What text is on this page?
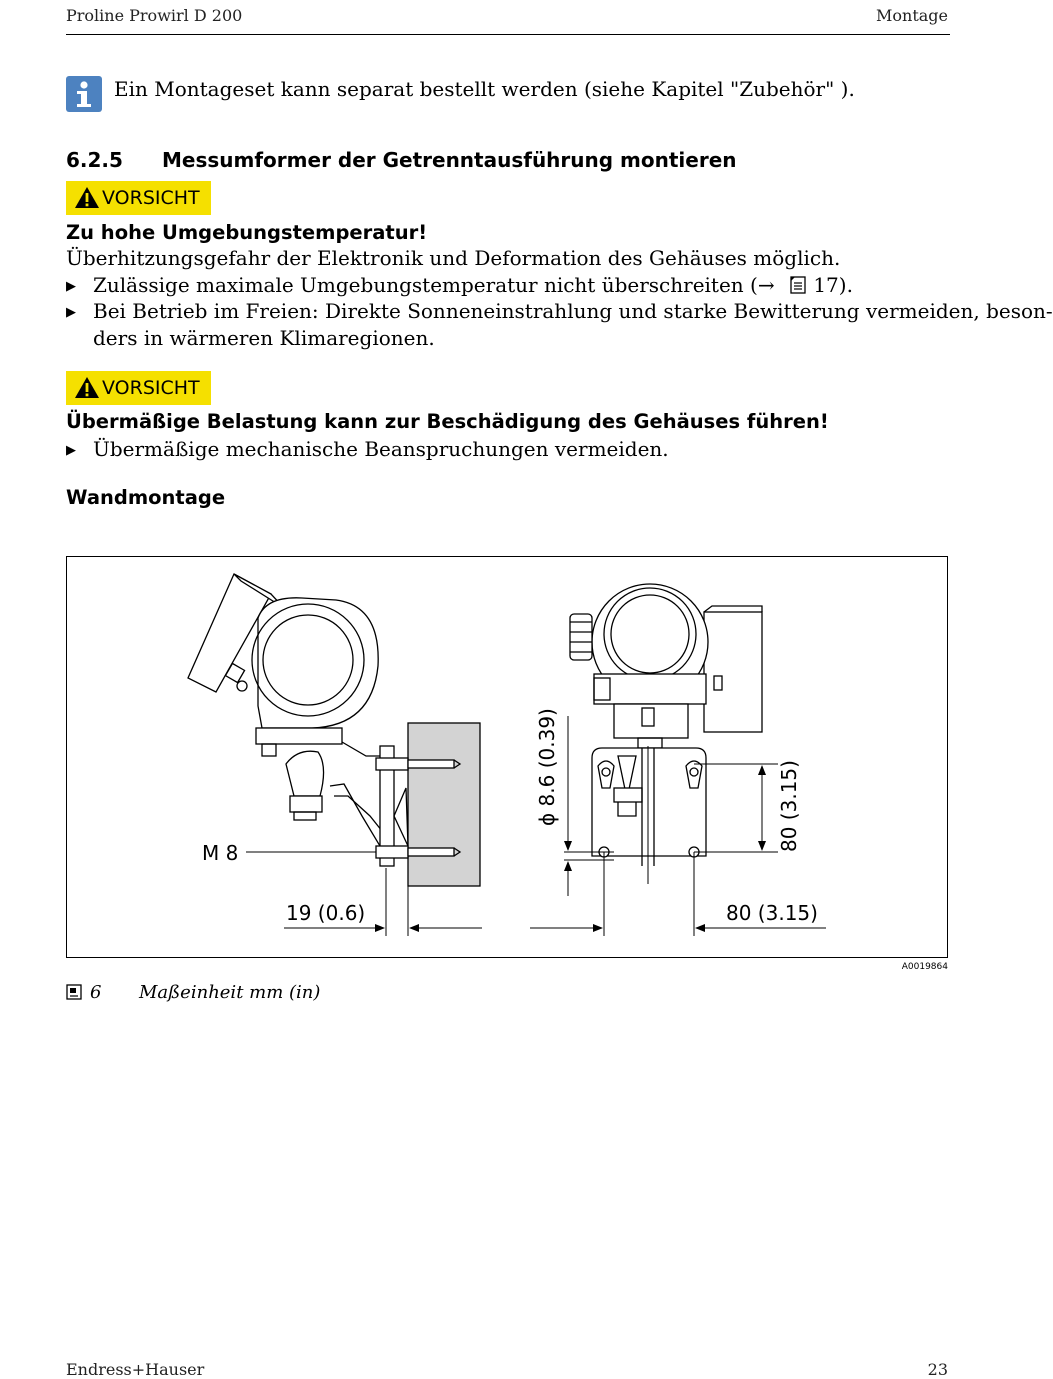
Proline Prowirl D 200	Montage
Ein Montageset kann separat bestellt werden (siehe Kapitel "Zubehör" ).
6.2.5 Messumformer der Getrenntausführung montieren
VORSICHT
Zu hohe Umgebungstemperatur!
Überhitzungsgefahr der Elektronik und Deformation des Gehäuses möglich.
▶ Zulässige maximale Umgebungstemperatur nicht überschreiten (→ 17).
▶ Bei Betrieb im Freien: Direkte Sonneneinstrahlung und starke Bewitterung vermeiden, beson-
ders in wärmeren Klimaregionen.
VORSICHT
Übermäßige Belastung kann zur Beschädigung des Gehäuses führen!
▶ Übermäßige mechanische Beanspruchungen vermeiden.
Wandmontage
M 8
19 (0.6)
ϕ 8.6 (0.39)	80 (3.15)
80 (3.15)
A0019864
6 Maßeinheit mm (in)
Endress+Hauser	23
